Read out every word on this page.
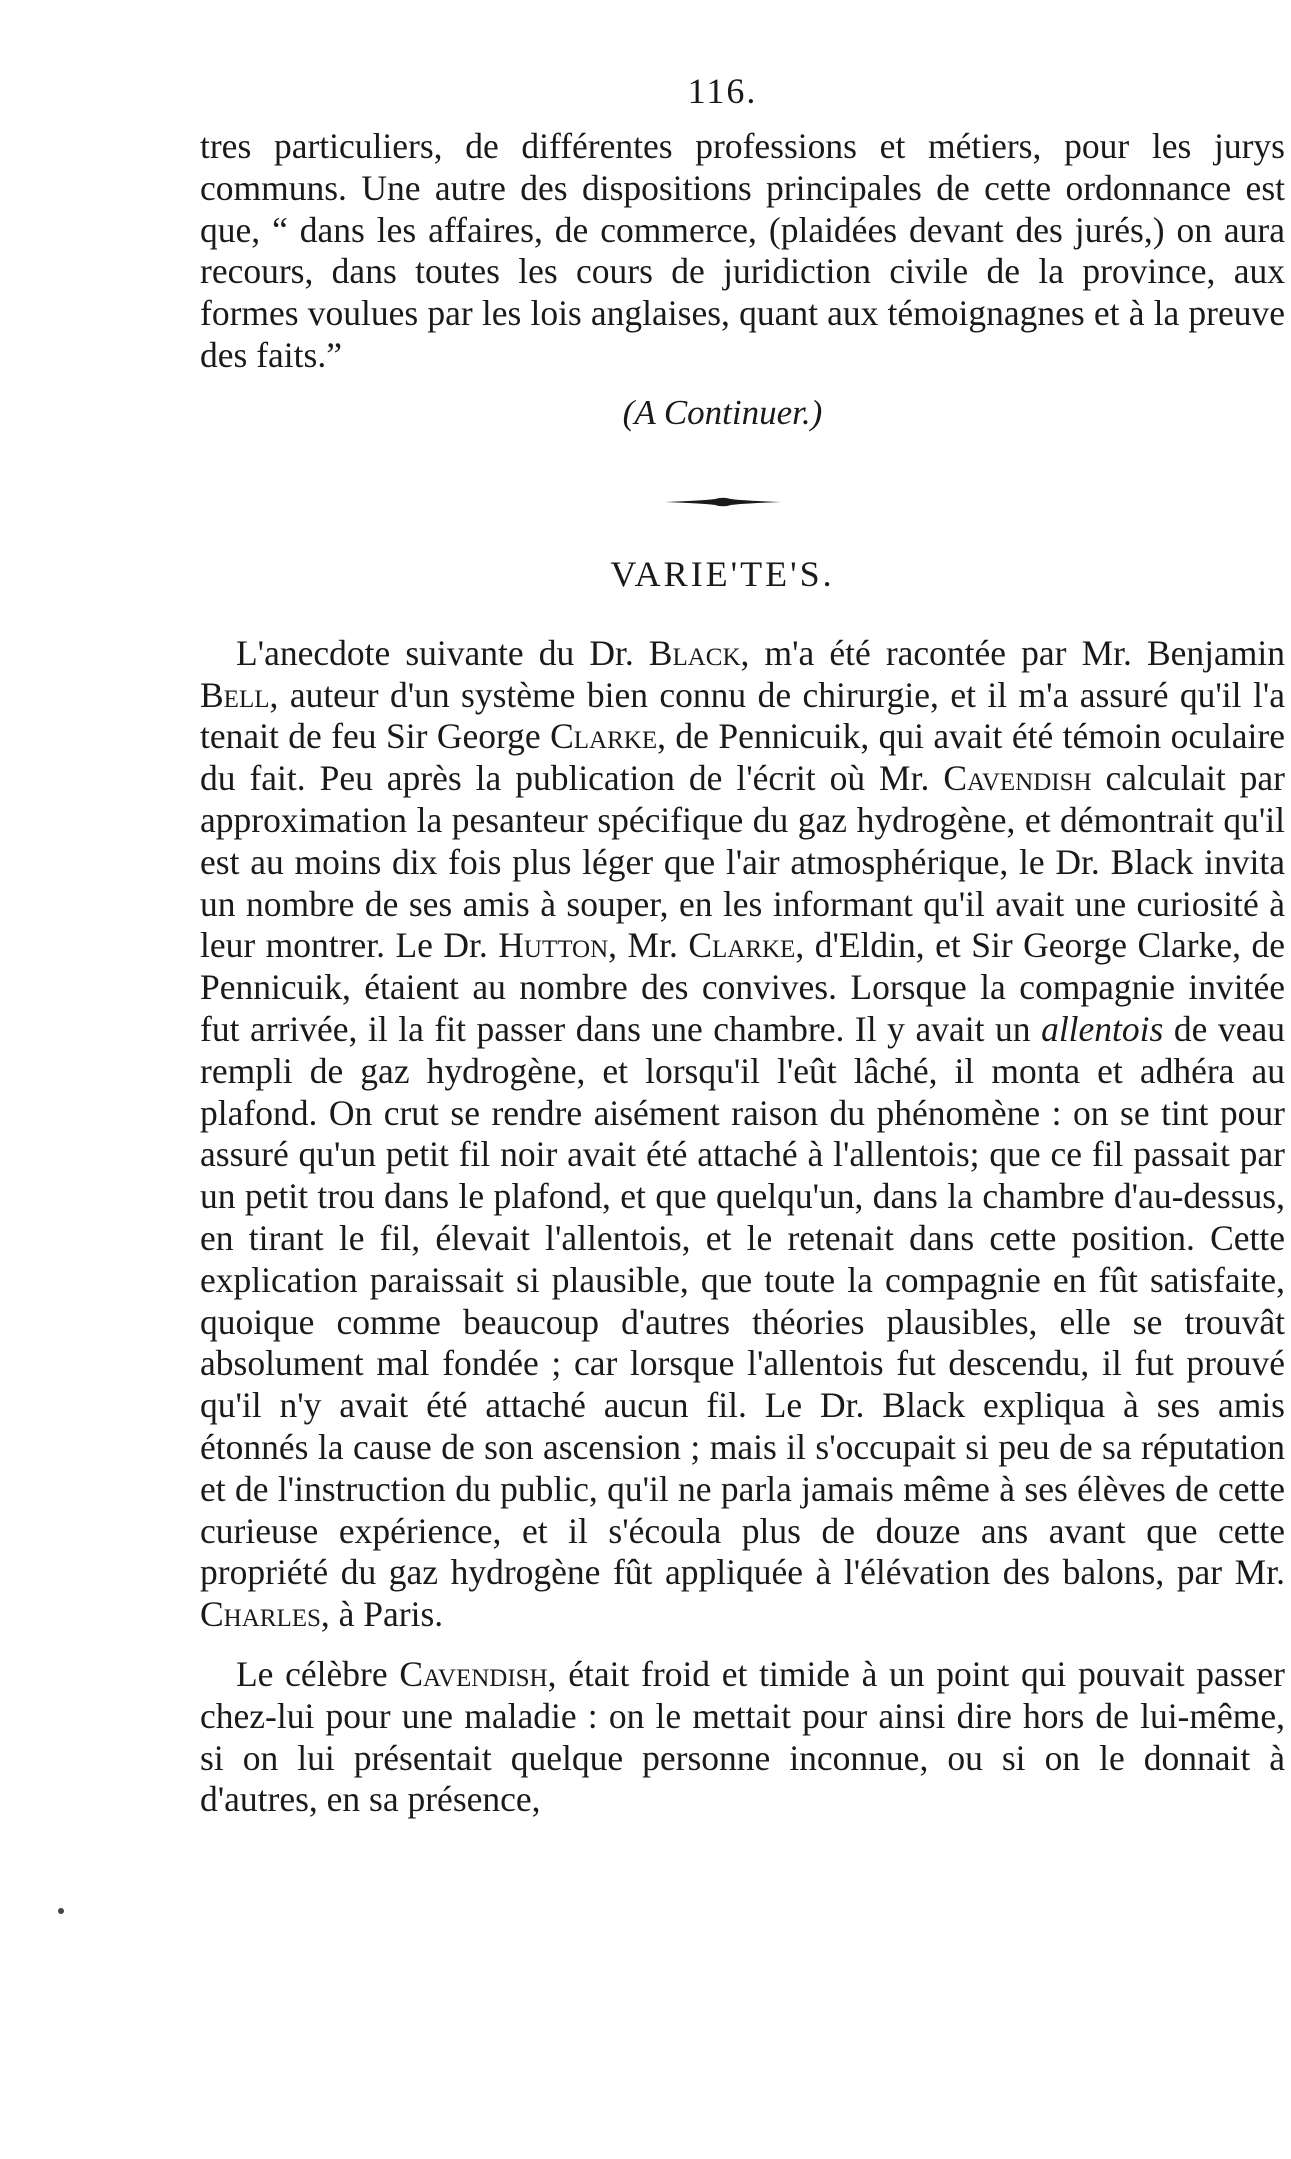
116.

tres particuliers, de différentes professions et métiers, pour les jurys communs. Une autre des dispositions principales de cette ordonnance est que, “ dans les affaires, de commerce, (plaidées devant des jurés,) on aura recours, dans toutes les cours de juridiction civile de la province, aux formes voulues par les lois anglaises, quant aux témoignagnes et à la preuve des faits.”

(A Continuer.)
VARIE'TE'S.

L'anecdote suivante du Dr. Black, m'a été racontée par Mr. Benjamin Bell, auteur d'un système bien connu de chirurgie, et il m'a assuré qu'il l'a tenait de feu Sir George Clarke, de Pennicuik, qui avait été témoin oculaire du fait. Peu après la publication de l'écrit où Mr. Cavendish calculait par approximation la pesanteur spécifique du gaz hydrogène, et démontrait qu'il est au moins dix fois plus léger que l'air atmosphérique, le Dr. Black invita un nombre de ses amis à souper, en les informant qu'il avait une curiosité à leur montrer. Le Dr. Hutton, Mr. Clarke, d'Eldin, et Sir George Clarke, de Pennicuik, étaient au nombre des convives. Lorsque la compagnie invitée fut arrivée, il la fit passer dans une chambre. Il y avait un allentois de veau rempli de gaz hydrogène, et lorsqu'il l'eût lâché, il monta et adhéra au plafond. On crut se rendre aisément raison du phénomène : on se tint pour assuré qu'un petit fil noir avait été attaché à l'allentois; que ce fil passait par un petit trou dans le plafond, et que quelqu'un, dans la chambre d'au-dessus, en tirant le fil, élevait l'allentois, et le retenait dans cette position. Cette explication paraissait si plausible, que toute la compagnie en fût satisfaite, quoique comme beaucoup d'autres théories plausibles, elle se trouvât absolument mal fondée ; car lorsque l'allentois fut descendu, il fut prouvé qu'il n'y avait été attaché aucun fil. Le Dr. Black expliqua à ses amis étonnés la cause de son ascension ; mais il s'occupait si peu de sa réputation et de l'instruction du public, qu'il ne parla jamais même à ses élèves de cette curieuse expérience, et il s'écoula plus de douze ans avant que cette propriété du gaz hydrogène fût appliquée à l'élévation des balons, par Mr. Charles, à Paris.

Le célèbre Cavendish, était froid et timide à un point qui pouvait passer chez-lui pour une maladie : on le mettait pour ainsi dire hors de lui-même, si on lui présentait quelque personne inconnue, ou si on le donnait à d'autres, en sa présence,
